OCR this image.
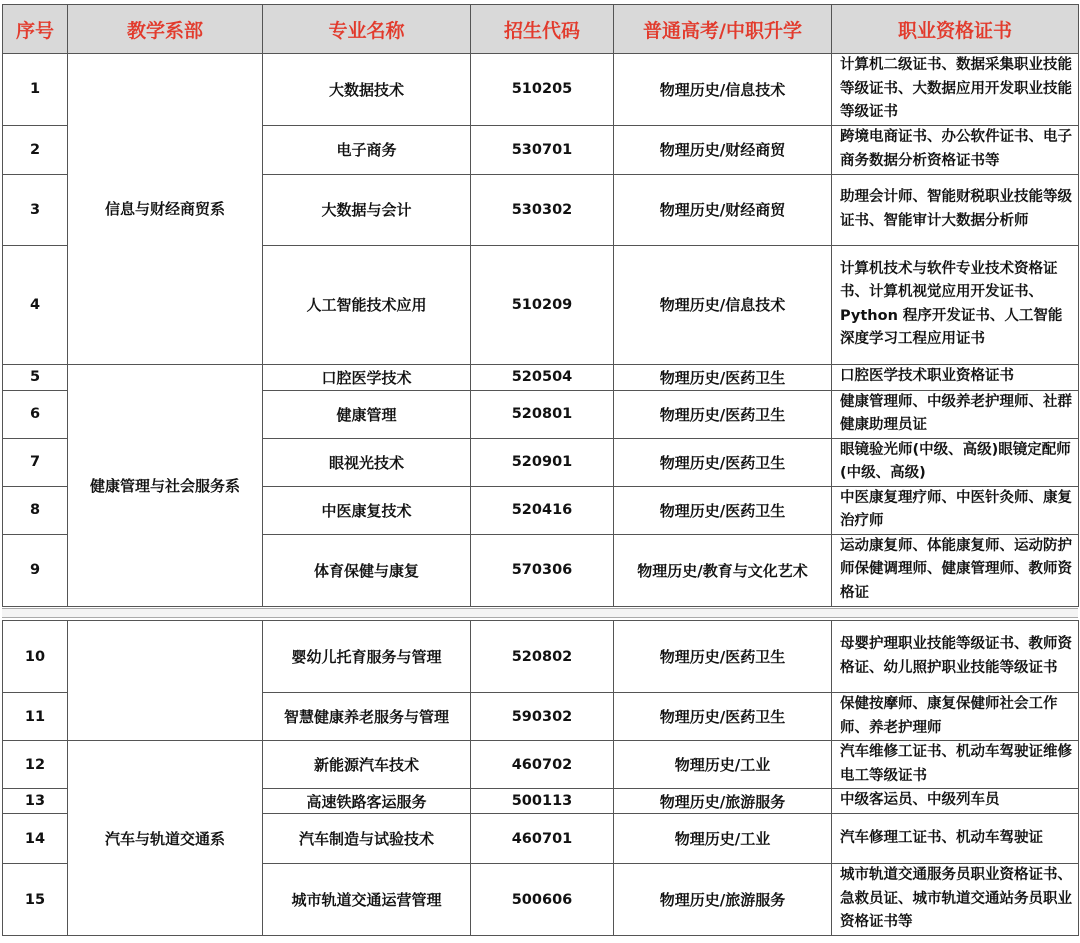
序号	教学系部	专业名称	招生代码	普通高考/中职升学	职业资格证书
1	信息与财经商贸系	大数据技术	510205	物理历史/信息技术	计算机二级证书、数据采集职业技能等级证书、大数据应用开发职业技能等级证书
2		电子商务	530701	物理历史/财经商贸	跨境电商证书、办公软件证书、电子商务数据分析资格证书等
3		大数据与会计	530302	物理历史/财经商贸	助理会计师、智能财税职业技能等级证书、智能审计大数据分析师
4		人工智能技术应用	510209	物理历史/信息技术	计算机技术与软件专业技术资格证书、计算机视觉应用开发证书、Python 程序开发证书、人工智能深度学习工程应用证书
5	健康管理与社会服务系	口腔医学技术	520504	物理历史/医药卫生	口腔医学技术职业资格证书
6		健康管理	520801	物理历史/医药卫生	健康管理师、中级养老护理师、社群健康助理员证
7		眼视光技术	520901	物理历史/医药卫生	眼镜验光师(中级、高级)眼镜定配师(中级、高级)
8		中医康复技术	520416	物理历史/医药卫生	中医康复理疗师、中医针灸师、康复治疗师
9		体育保健与康复	570306	物理历史/教育与文化艺术	运动康复师、体能康复师、运动防护师保健调理师、健康管理师、教师资格证
10		婴幼儿托育服务与管理	520802	物理历史/医药卫生	母婴护理职业技能等级证书、教师资格证、幼儿照护职业技能等级证书
11		智慧健康养老服务与管理	590302	物理历史/医药卫生	保健按摩师、康复保健师社会工作师、养老护理师
12	汽车与轨道交通系	新能源汽车技术	460702	物理历史/工业	汽车维修工证书、机动车驾驶证维修电工等级证书
13		高速铁路客运服务	500113	物理历史/旅游服务	中级客运员、中级列车员
14		汽车制造与试验技术	460701	物理历史/工业	汽车修理工证书、机动车驾驶证
15		城市轨道交通运营管理	500606	物理历史/旅游服务	城市轨道交通服务员职业资格证书、急救员证、城市轨道交通站务员职业资格证书等
